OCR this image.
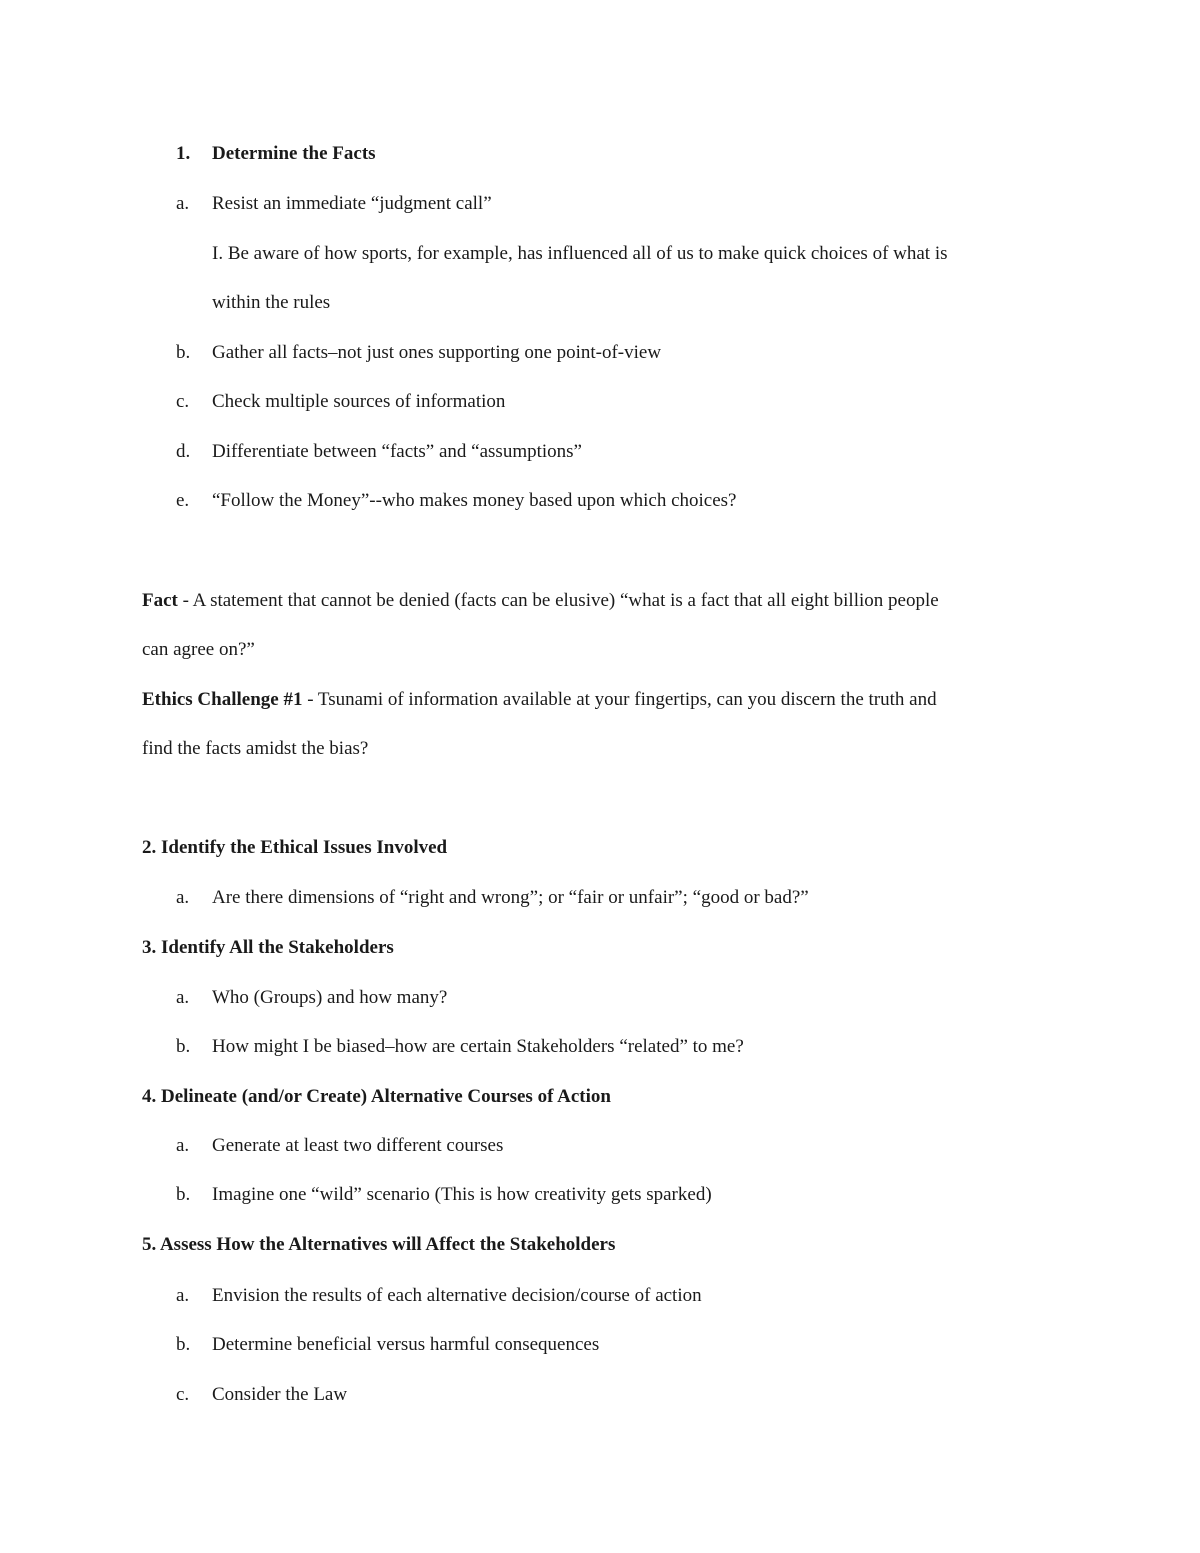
1. Determine the Facts
a. Resist an immediate “judgment call”
I. Be aware of how sports, for example, has influenced all of us to make quick choices of what is
within the rules
b. Gather all facts–not just ones supporting one point-of-view
c. Check multiple sources of information
d. Differentiate between “facts” and “assumptions”
e. “Follow the Money”--who makes money based upon which choices?
Fact - A statement that cannot be denied (facts can be elusive) “what is a fact that all eight billion people
can agree on?”
Ethics Challenge #1 - Tsunami of information available at your fingertips, can you discern the truth and
find the facts amidst the bias?
2. Identify the Ethical Issues Involved
a. Are there dimensions of “right and wrong”; or “fair or unfair”; “good or bad?”
3. Identify All the Stakeholders
a. Who (Groups) and how many?
b. How might I be biased–how are certain Stakeholders “related” to me?
4. Delineate (and/or Create) Alternative Courses of Action
a. Generate at least two different courses
b. Imagine one “wild” scenario (This is how creativity gets sparked)
5. Assess How the Alternatives will Affect the Stakeholders
a. Envision the results of each alternative decision/course of action
b. Determine beneficial versus harmful consequences
c. Consider the Law
